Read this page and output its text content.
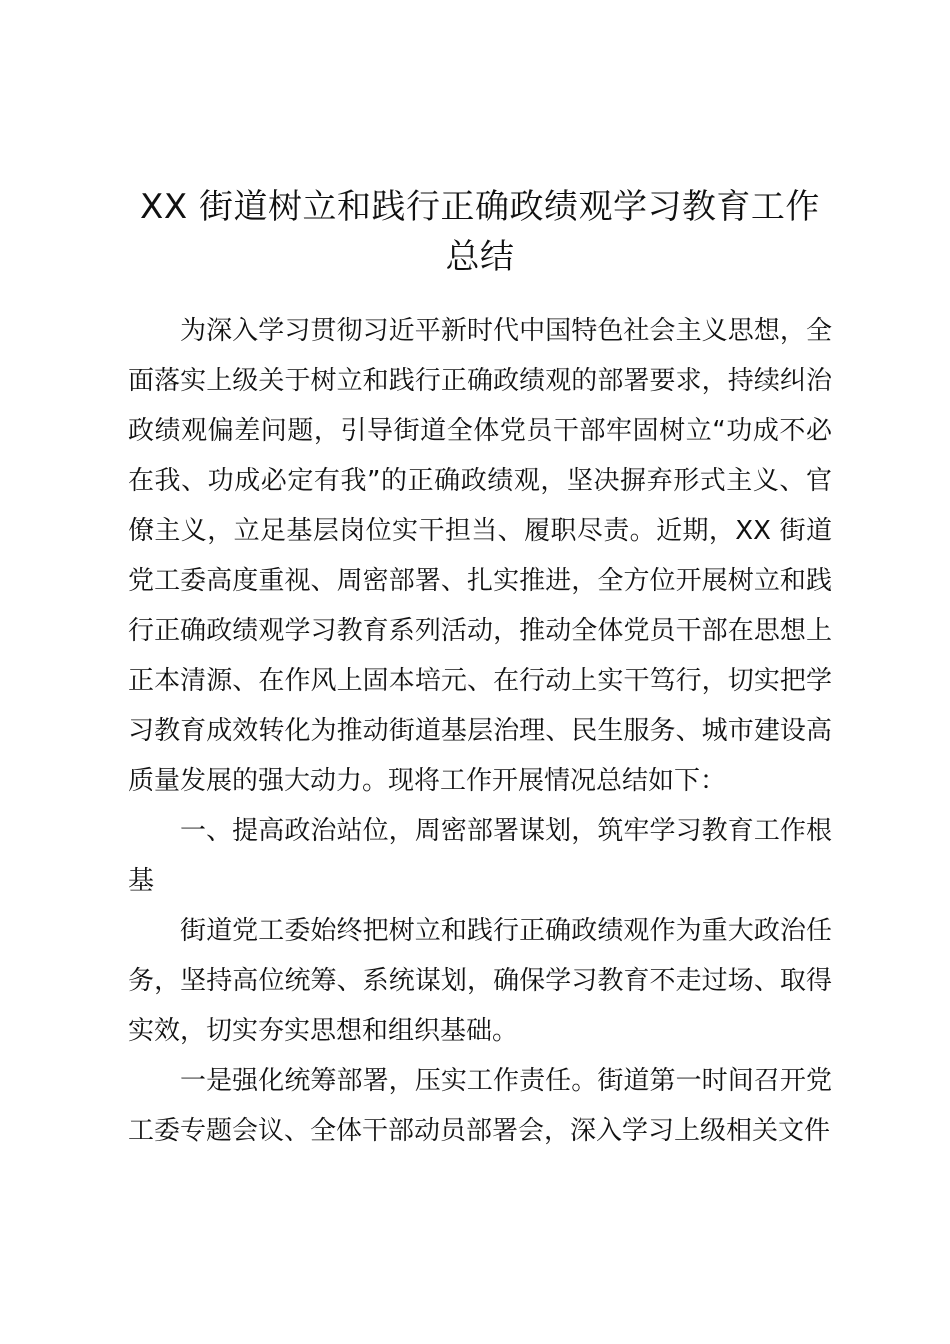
XX 街道树立和践行正确政绩观学习教育工作
总结

为深入学习贯彻习近平新时代中国特色社会主义思想，全面落实上级关于树立和践行正确政绩观的部署要求，持续纠治政绩观偏差问题，引导街道全体党员干部牢固树立“功成不必在我、功成必定有我”的正确政绩观，坚决摒弃形式主义、官僚主义，立足基层岗位实干担当、履职尽责。近期，XX 街道党工委高度重视、周密部署、扎实推进，全方位开展树立和践行正确政绩观学习教育系列活动，推动全体党员干部在思想上正本清源、在作风上固本培元、在行动上实干笃行，切实把学习教育成效转化为推动街道基层治理、民生服务、城市建设高质量发展的强大动力。现将工作开展情况总结如下：

一、提高政治站位，周密部署谋划，筑牢学习教育工作根基

街道党工委始终把树立和践行正确政绩观作为重大政治任务，坚持高位统筹、系统谋划，确保学习教育不走过场、取得实效，切实夯实思想和组织基础。

一是强化统筹部署，压实工作责任。街道第一时间召开党工委专题会议、全体干部动员部署会，深入学习上级相关文件
